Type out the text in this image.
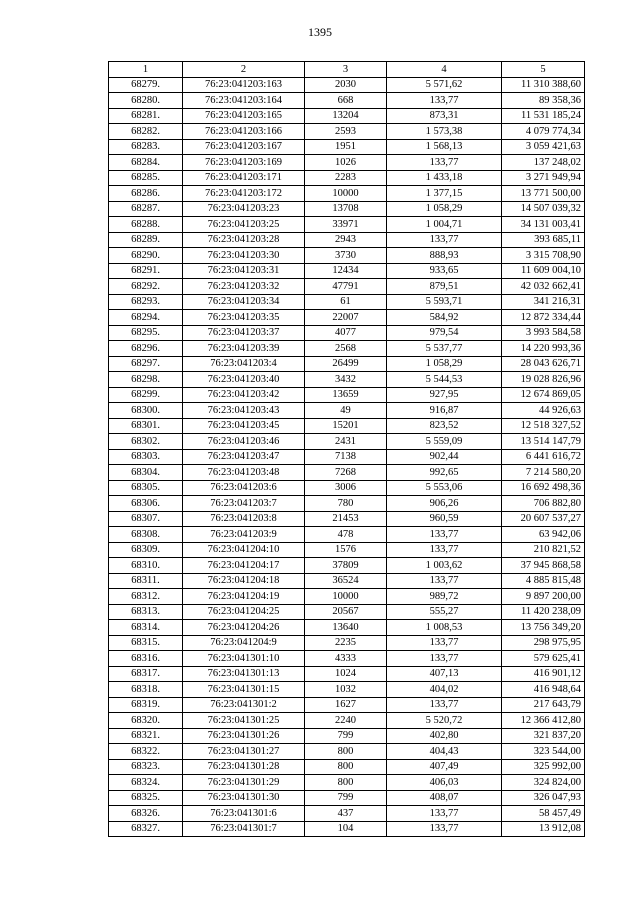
1395
1	2	3	4	5
68279.	76:23:041203:163	2030	5 571,62	11 310 388,60
68280.	76:23:041203:164	668	133,77	89 358,36
68281.	76:23:041203:165	13204	873,31	11 531 185,24
68282.	76:23:041203:166	2593	1 573,38	4 079 774,34
68283.	76:23:041203:167	1951	1 568,13	3 059 421,63
68284.	76:23:041203:169	1026	133,77	137 248,02
68285.	76:23:041203:171	2283	1 433,18	3 271 949,94
68286.	76:23:041203:172	10000	1 377,15	13 771 500,00
68287.	76:23:041203:23	13708	1 058,29	14 507 039,32
68288.	76:23:041203:25	33971	1 004,71	34 131 003,41
68289.	76:23:041203:28	2943	133,77	393 685,11
68290.	76:23:041203:30	3730	888,93	3 315 708,90
68291.	76:23:041203:31	12434	933,65	11 609 004,10
68292.	76:23:041203:32	47791	879,51	42 032 662,41
68293.	76:23:041203:34	61	5 593,71	341 216,31
68294.	76:23:041203:35	22007	584,92	12 872 334,44
68295.	76:23:041203:37	4077	979,54	3 993 584,58
68296.	76:23:041203:39	2568	5 537,77	14 220 993,36
68297.	76:23:041203:4	26499	1 058,29	28 043 626,71
68298.	76:23:041203:40	3432	5 544,53	19 028 826,96
68299.	76:23:041203:42	13659	927,95	12 674 869,05
68300.	76:23:041203:43	49	916,87	44 926,63
68301.	76:23:041203:45	15201	823,52	12 518 327,52
68302.	76:23:041203:46	2431	5 559,09	13 514 147,79
68303.	76:23:041203:47	7138	902,44	6 441 616,72
68304.	76:23:041203:48	7268	992,65	7 214 580,20
68305.	76:23:041203:6	3006	5 553,06	16 692 498,36
68306.	76:23:041203:7	780	906,26	706 882,80
68307.	76:23:041203:8	21453	960,59	20 607 537,27
68308.	76:23:041203:9	478	133,77	63 942,06
68309.	76:23:041204:10	1576	133,77	210 821,52
68310.	76:23:041204:17	37809	1 003,62	37 945 868,58
68311.	76:23:041204:18	36524	133,77	4 885 815,48
68312.	76:23:041204:19	10000	989,72	9 897 200,00
68313.	76:23:041204:25	20567	555,27	11 420 238,09
68314.	76:23:041204:26	13640	1 008,53	13 756 349,20
68315.	76:23:041204:9	2235	133,77	298 975,95
68316.	76:23:041301:10	4333	133,77	579 625,41
68317.	76:23:041301:13	1024	407,13	416 901,12
68318.	76:23:041301:15	1032	404,02	416 948,64
68319.	76:23:041301:2	1627	133,77	217 643,79
68320.	76:23:041301:25	2240	5 520,72	12 366 412,80
68321.	76:23:041301:26	799	402,80	321 837,20
68322.	76:23:041301:27	800	404,43	323 544,00
68323.	76:23:041301:28	800	407,49	325 992,00
68324.	76:23:041301:29	800	406,03	324 824,00
68325.	76:23:041301:30	799	408,07	326 047,93
68326.	76:23:041301:6	437	133,77	58 457,49
68327.	76:23:041301:7	104	133,77	13 912,08
